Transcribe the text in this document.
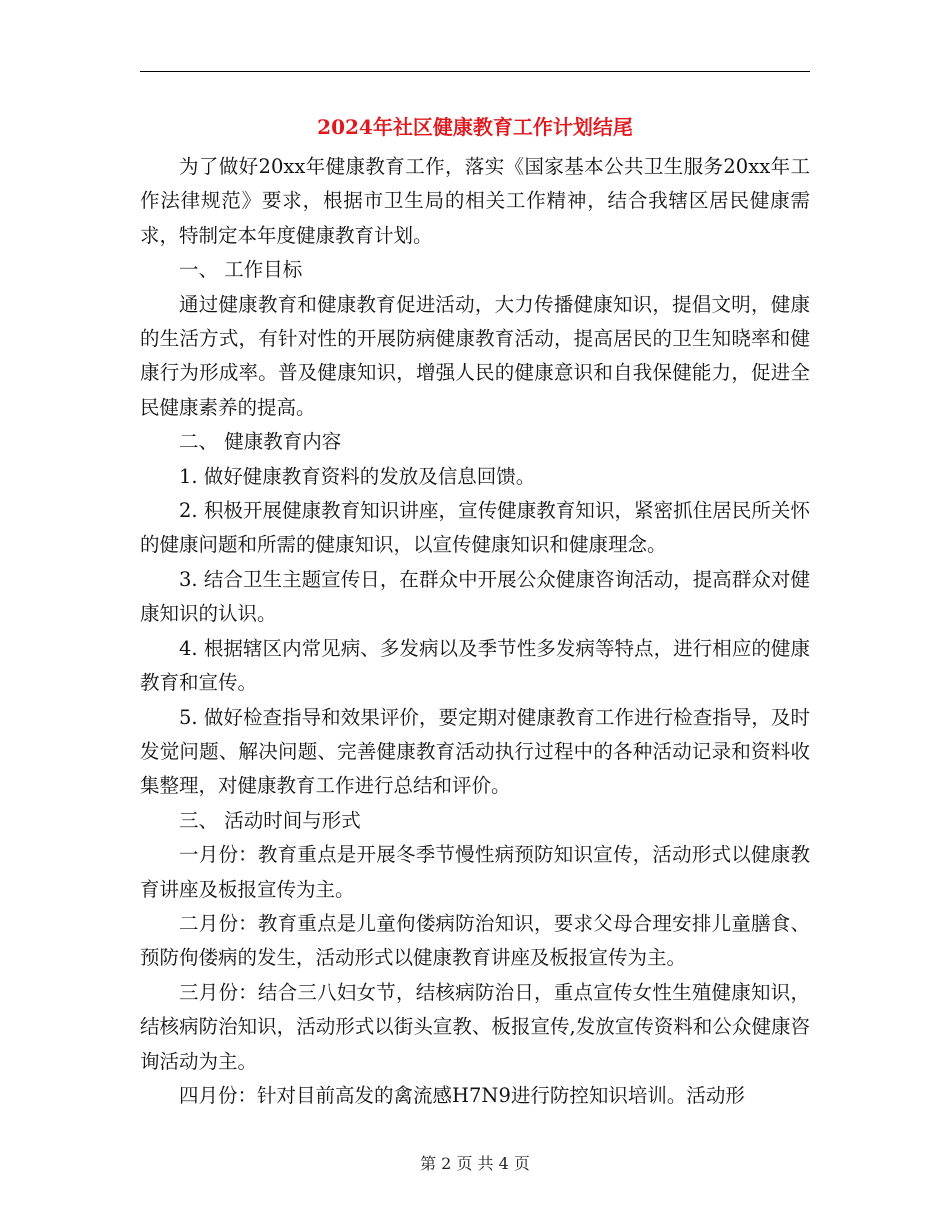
2024年社区健康教育工作计划结尾

为了做好20xx年健康教育工作，落实《国家基本公共卫生服务20xx年工作法律规范》要求，根据市卫生局的相关工作精神，结合我辖区居民健康需求，特制定本年度健康教育计划。

一、 工作目标

通过健康教育和健康教育促进活动，大力传播健康知识，提倡文明，健康的生活方式，有针对性的开展防病健康教育活动，提高居民的卫生知晓率和健康行为形成率。普及健康知识，增强人民的健康意识和自我保健能力，促进全民健康素养的提高。

二、 健康教育内容

1. 做好健康教育资料的发放及信息回馈。

2. 积极开展健康教育知识讲座，宣传健康教育知识，紧密抓住居民所关怀的健康问题和所需的健康知识，以宣传健康知识和健康理念。

3. 结合卫生主题宣传日，在群众中开展公众健康咨询活动，提高群众对健康知识的认识。

4. 根据辖区内常见病、多发病以及季节性多发病等特点，进行相应的健康教育和宣传。

5. 做好检查指导和效果评价，要定期对健康教育工作进行检查指导，及时发觉问题、解决问题、完善健康教育活动执行过程中的各种活动记录和资料收集整理，对健康教育工作进行总结和评价。

三、 活动时间与形式

一月份：教育重点是开展冬季节慢性病预防知识宣传，活动形式以健康教育讲座及板报宣传为主。

二月份：教育重点是儿童佝偻病防治知识，要求父母合理安排儿童膳食、预防佝偻病的发生，活动形式以健康教育讲座及板报宣传为主。

三月份：结合三八妇女节，结核病防治日，重点宣传女性生殖健康知识，结核病防治知识，活动形式以街头宣教、板报宣传,发放宣传资料和公众健康咨询活动为主。

四月份：针对目前高发的禽流感H7N9进行防控知识培训。活动形

第 2 页 共 4 页
